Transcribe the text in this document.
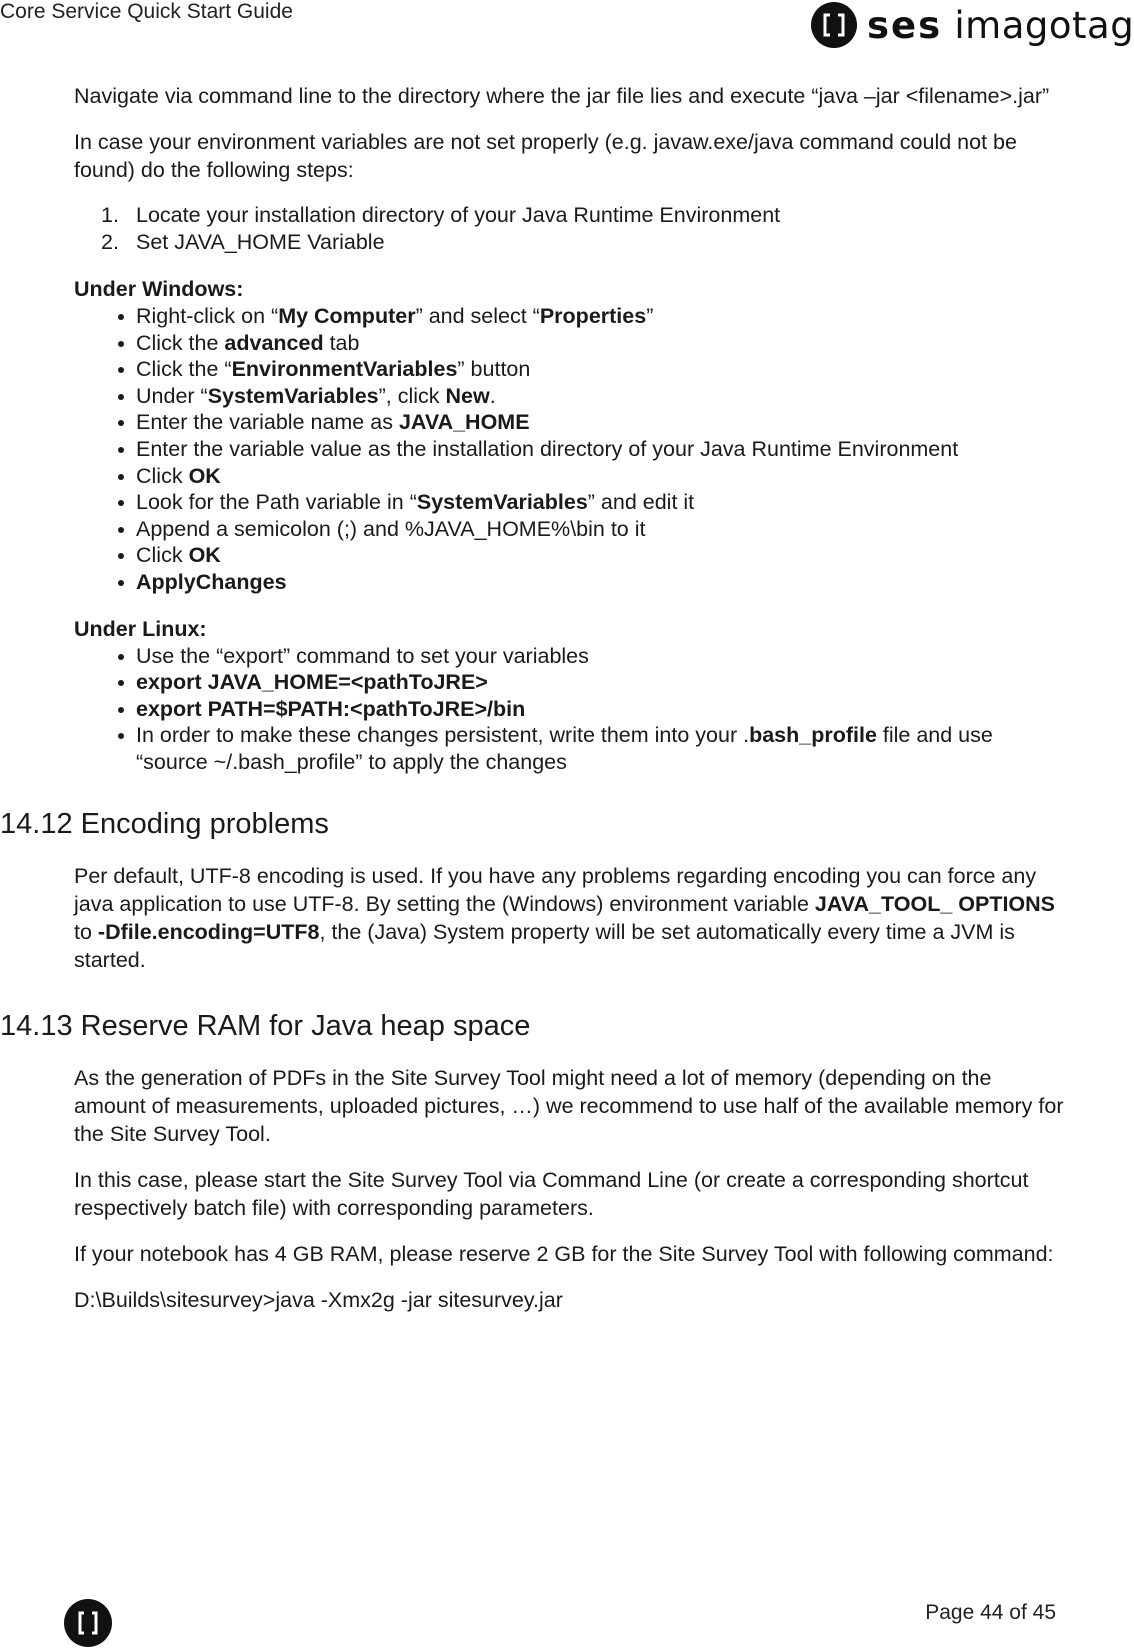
Core Service Quick Start Guide	ses imagotag

Navigate via command line to the directory where the jar file lies and execute “java –jar <filename>.jar”

In case your environment variables are not set properly (e.g. javaw.exe/java command could not be found) do the following steps:

1. Locate your installation directory of your Java Runtime Environment
2. Set JAVA_HOME Variable
Under Windows:
Right-click on “My Computer” and select “Properties”
Click the advanced tab
Click the “EnvironmentVariables” button
Under “SystemVariables”, click New.
Enter the variable name as JAVA_HOME
Enter the variable value as the installation directory of your Java Runtime Environment
Click OK
Look for the Path variable in “SystemVariables” and edit it
Append a semicolon (;) and %JAVA_HOME%\bin to it
Click OK
ApplyChanges
Under Linux:
Use the “export” command to set your variables
export JAVA_HOME=<pathToJRE>
export PATH=$PATH:<pathToJRE>/bin
In order to make these changes persistent, write them into your .bash_profile file and use “source ~/.bash_profile” to apply the changes
14.12 Encoding problems

Per default, UTF-8 encoding is used. If you have any problems regarding encoding you can force any java application to use UTF-8. By setting the (Windows) environment variable JAVA_TOOL_ OPTIONS to -Dfile.encoding=UTF8, the (Java) System property will be set automatically every time a JVM is started.

14.13 Reserve RAM for Java heap space

As the generation of PDFs in the Site Survey Tool might need a lot of memory (depending on the amount of measurements, uploaded pictures, …) we recommend to use half of the available memory for the Site Survey Tool.

In this case, please start the Site Survey Tool via Command Line (or create a corresponding shortcut respectively batch file) with corresponding parameters.

If your notebook has 4 GB RAM, please reserve 2 GB for the Site Survey Tool with following command:

D:\Builds\sitesurvey>java -Xmx2g -jar sitesurvey.jar

Page 44 of 45
